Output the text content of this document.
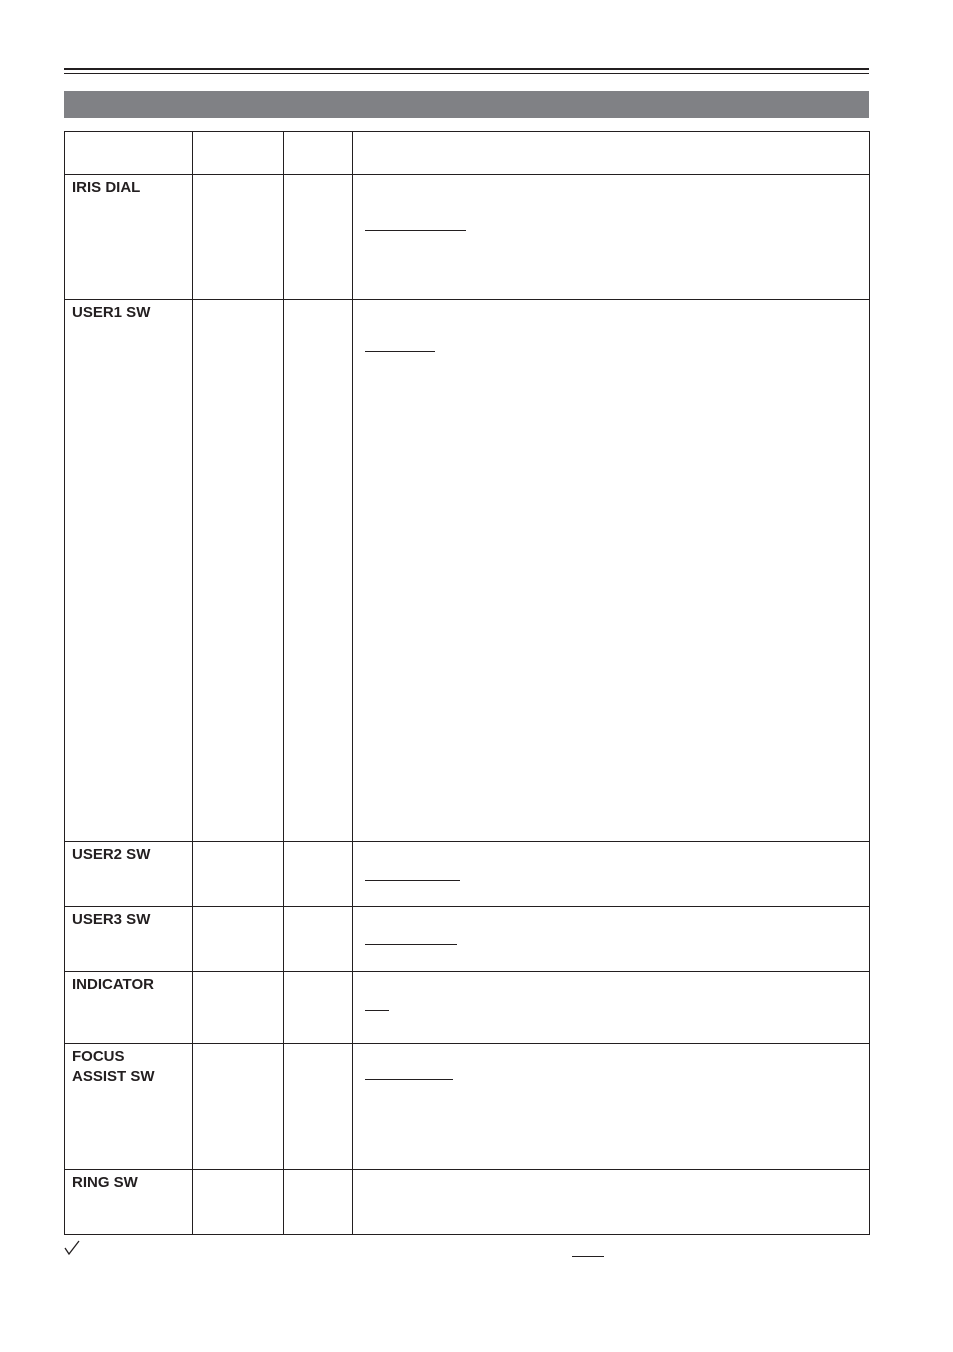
IRIS DIAL			

USER1 SW			

USER2 SW			

USER3 SW			

INDICATOR			

FOCUS
ASSIST SW			

RING SW			
